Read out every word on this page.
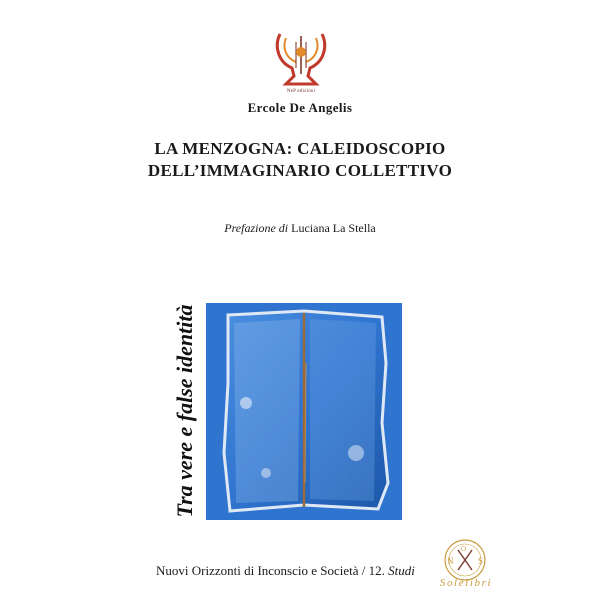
NeP edizioni
Ercole De Angelis
LA MENZOGNA: CALEIDOSCOPIO
DELL’IMMAGINARIO COLLETTIVO
Prefazione di Luciana La Stella
Tra vere e false identità
Nuovi Orizzonti di Inconscio e Società / 12. Studi
N
O
S
Solelibri
